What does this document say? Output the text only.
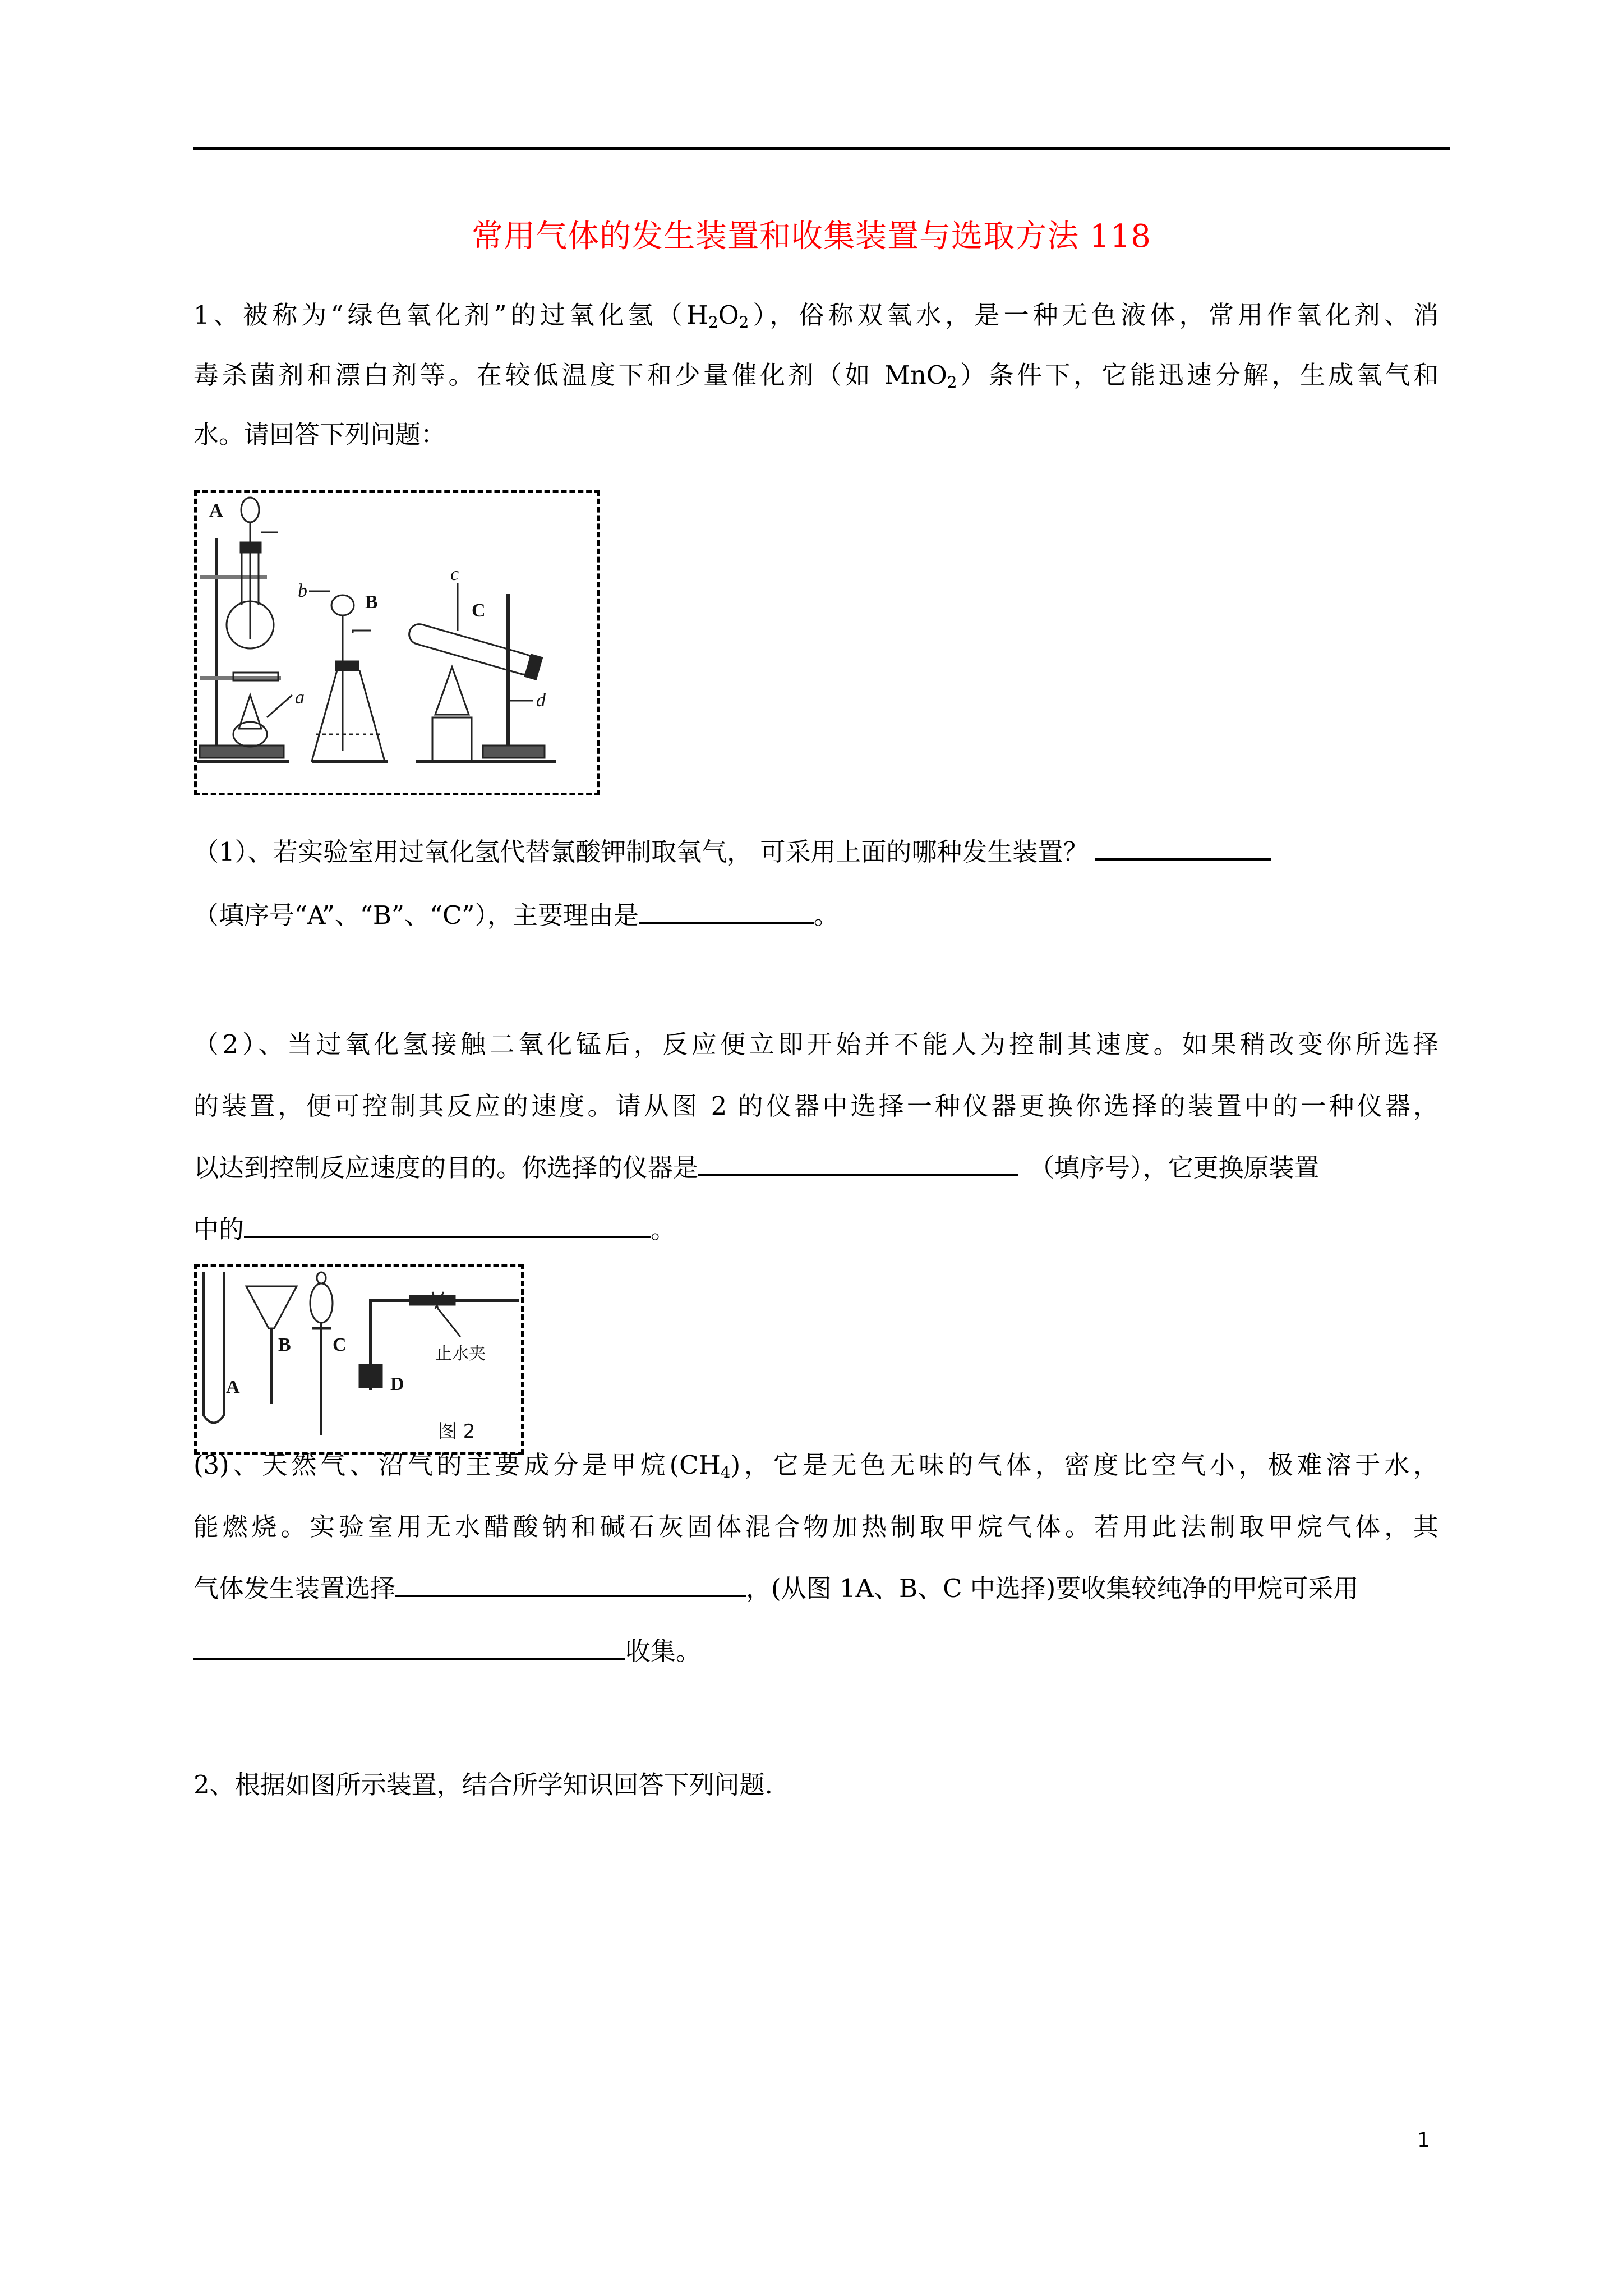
常用气体的发生装置和收集装置与选取方法 118
1、被称为“绿色氧化剂”的过氧化氢$(H_2O_2)$，俗称双氧水，是一种无色液体，常用作氧化剂、消
毒杀菌剂和漂白剂等。在较低温度下和少量催化剂（如 MnO$_2$）条件下，它能迅速分解，生成氧气和
水。请回答下列问题：
A
B	C
a
b
c
d
（1）、若实验室用过氧化氢代替氯酸钾制取氧气， 可采用上面的哪种发生装置？
（填序号“A”、“B”、“C”），主要理由是	。
（2）、当过氧化氢接触二氧化锰后，反应便立即开始并不能人为控制其速度。如果稍改变你所选择
的装置，便可控制其反应的速度。请从图 2 的仪器中选择一种仪器更换你选择的装置中的一种仪器，
以达到控制反应速度的目的。你选择的仪器是	（填序号），它更换原装置
中的	。
A
B C
D
止水夹
图 2
(3)、天然气、沼气的主要成分是甲烷$(CH_4)$，它是无色无味的气体，密度比空气小，极难溶于水，
能燃烧。实验室用无水醋酸钠和碱石灰固体混合物加热制取甲烷气体。若用此法制取甲烷气体，其
气体发生装置选择	，(从图 1A、B、C 中选择)要收集较纯净的甲烷可采用
收集。
2、根据如图所示装置，结合所学知识回答下列问题.
1
